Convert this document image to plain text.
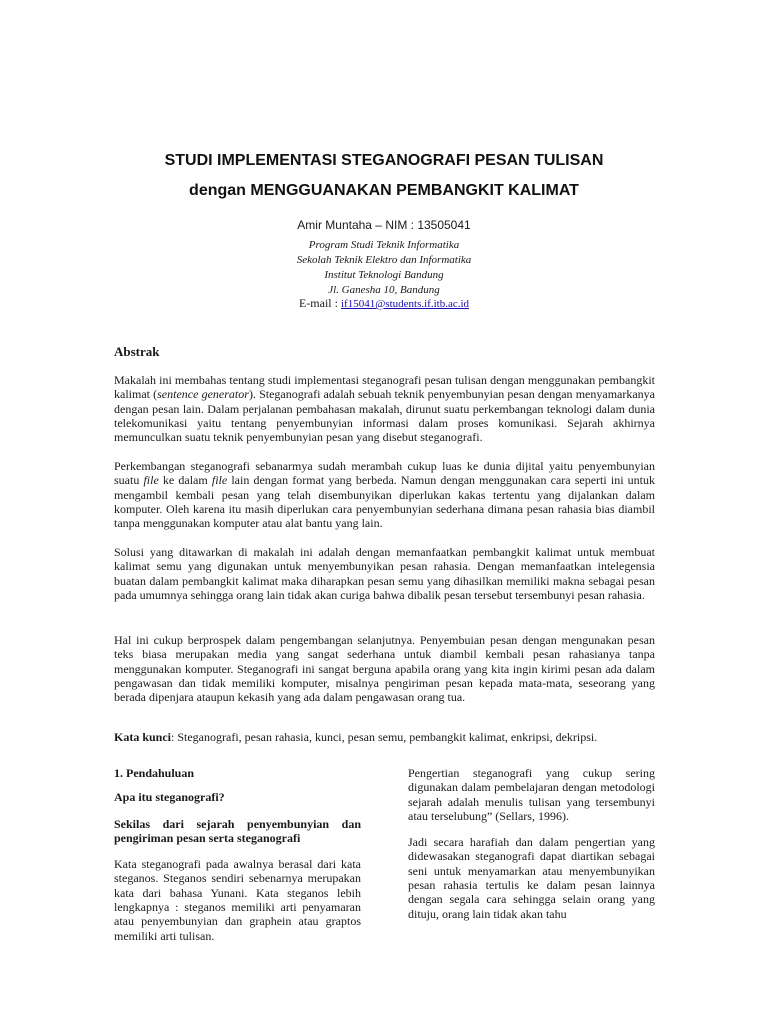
STUDI IMPLEMENTASI STEGANOGRAFI PESAN TULISAN
dengan MENGGUANAKAN PEMBANGKIT KALIMAT
Amir Muntaha – NIM : 13505041
Program Studi Teknik Informatika
Sekolah Teknik Elektro dan Informatika
Institut Teknologi Bandung
Jl. Ganesha 10, Bandung
E-mail : if15041@students.if.itb.ac.id
Abstrak

Makalah ini membahas tentang studi implementasi steganografi pesan tulisan dengan menggunakan pembangkit kalimat (sentence generator). Steganografi adalah sebuah teknik penyembunyian pesan dengan menyamarkanya dengan pesan lain. Dalam perjalanan pembahasan makalah, dirunut suatu perkembangan teknologi dalam dunia telekomunikasi yaitu tentang penyembunyian informasi dalam proses komunikasi. Sejarah akhirnya memunculkan suatu teknik penyembunyian pesan yang disebut steganografi.

Perkembangan steganografi sebanarmya sudah merambah cukup luas ke dunia dijital yaitu penyembunyian suatu file ke dalam file lain dengan format yang berbeda. Namun dengan menggunakan cara seperti ini untuk mengambil kembali pesan yang telah disembunyikan diperlukan kakas tertentu yang dijalankan dalam komputer. Oleh karena itu masih diperlukan cara penyembunyian sederhana dimana pesan rahasia bias diambil tanpa menggunakan komputer atau alat bantu yang lain.

Solusi yang ditawarkan di makalah ini adalah dengan memanfaatkan pembangkit kalimat untuk membuat kalimat semu yang digunakan untuk menyembunyikan pesan rahasia. Dengan memanfaatkan intelegensia buatan dalam pembangkit kalimat maka diharapkan pesan semu yang dihasilkan memiliki makna sebagai pesan pada umumnya sehingga orang lain tidak akan curiga bahwa dibalik pesan tersebut tersembunyi pesan rahasia.

Hal ini cukup berprospek dalam pengembangan selanjutnya. Penyembuian pesan dengan mengunakan pesan teks biasa merupakan media yang sangat sederhana untuk diambil kembali pesan rahasianya tanpa menggunakan komputer. Steganografi ini sangat berguna apabila orang yang kita ingin kirimi pesan ada dalam pengawasan dan tidak memiliki komputer, misalnya pengiriman pesan kepada mata-mata, seseorang yang berada dipenjara ataupun kekasih yang ada dalam pengawasan orang tua.

Kata kunci: Steganografi, pesan rahasia, kunci, pesan semu, pembangkit kalimat, enkripsi, dekripsi.
1. Pendahuluan
Apa itu steganografi?
Sekilas dari sejarah penyembunyian dan pengiriman pesan serta steganografi

Kata steganografi pada awalnya berasal dari kata steganos. Steganos sendiri sebenarnya merupakan kata dari bahasa Yunani. Kata steganos lebih lengkapnya : steganos memiliki arti penyamaran atau penyembunyian dan graphein atau graptos memiliki arti tulisan.

Pengertian steganografi yang cukup sering digunakan dalam pembelajaran dengan metodologi sejarah adalah menulis tulisan yang tersembunyi atau terselubung” (Sellars, 1996).

Jadi secara harafiah dan dalam pengertian yang didewasakan steganografi dapat diartikan sebagai seni untuk menyamarkan atau menyembunyikan pesan rahasia tertulis ke dalam pesan lainnya dengan segala cara sehingga selain orang yang dituju, orang lain tidak akan tahu
